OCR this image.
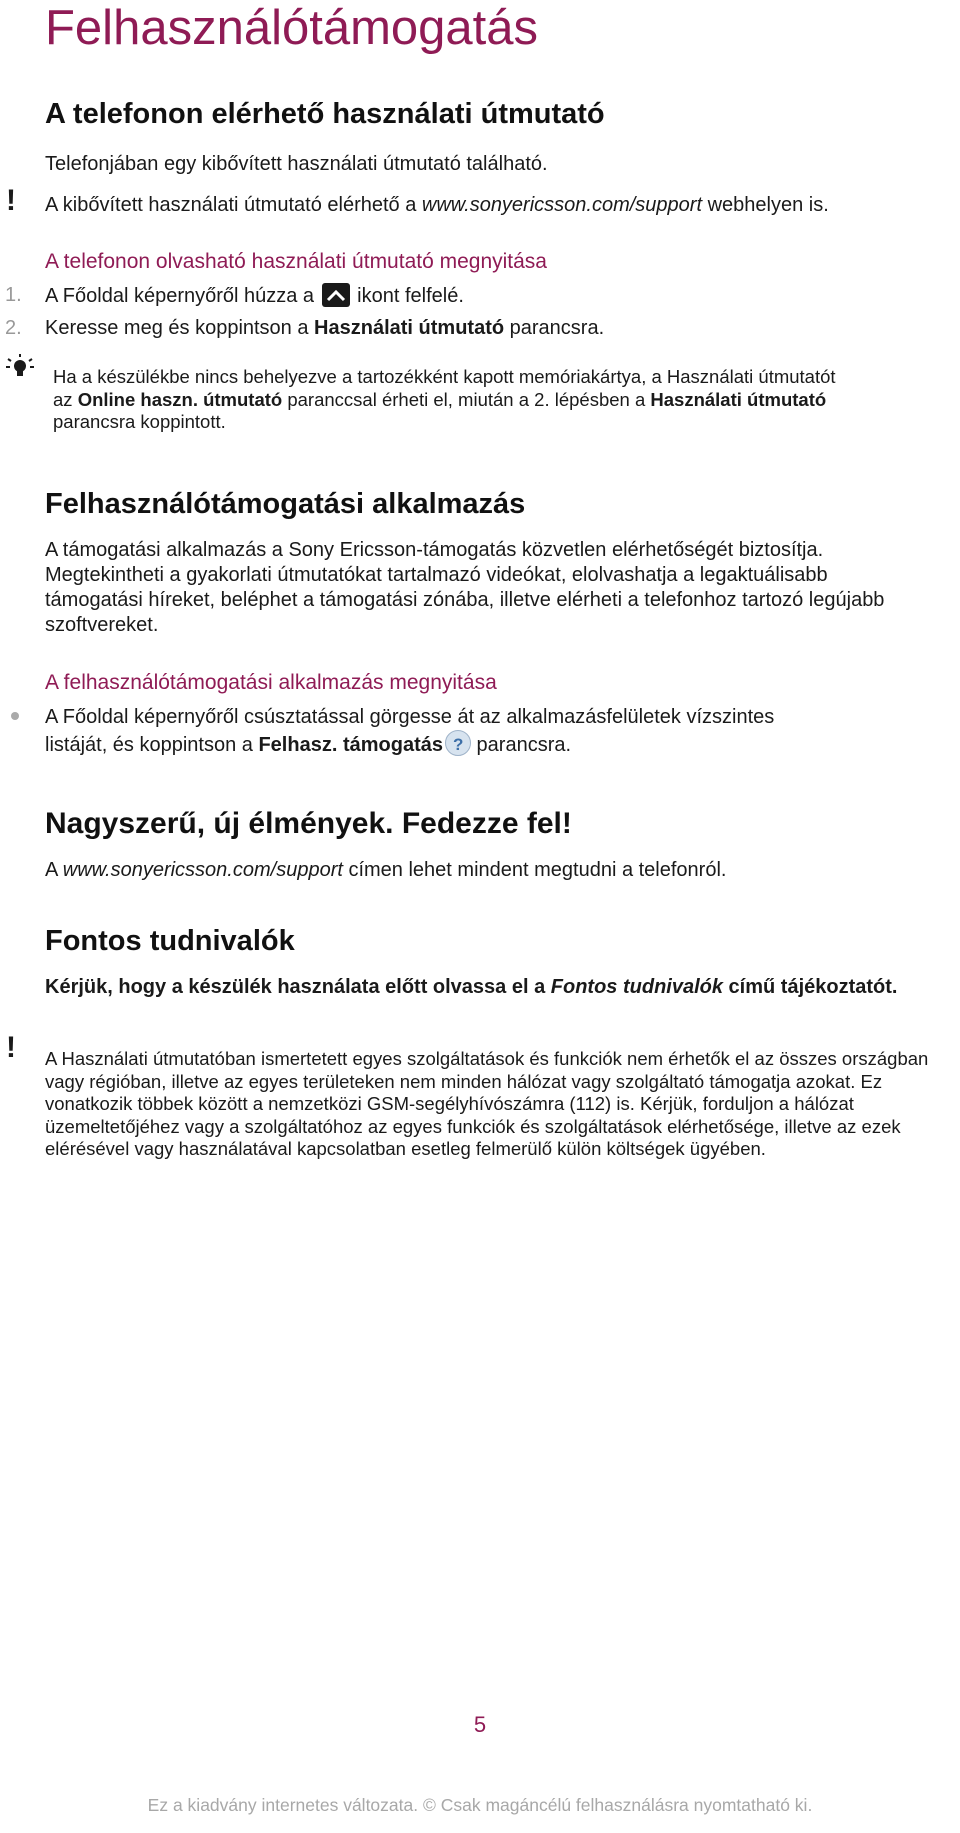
Felhasználótámogatás
A telefonon elérhető használati útmutató
Telefonjában egy kibővített használati útmutató található.
! A kibővített használati útmutató elérhető a www.sonyericsson.com/support webhelyen is.
A telefonon olvasható használati útmutató megnyitása
1. A Főoldal képernyőről húzza a
ikont felfelé.
2. Keresse meg és koppintson a Használati útmutató parancsra.
Ha a készülékbe nincs behelyezve a tartozékként kapott memóriakártya, a Használati útmutatót
az Online haszn. útmutató paranccsal érheti el, miután a 2. lépésben a Használati útmutató
parancsra koppintott.
Felhasználótámogatási alkalmazás
A támogatási alkalmazás a Sony Ericsson-támogatás közvetlen elérhetőségét biztosítja. Megtekintheti a gyakorlati útmutatókat tartalmazó videókat, elolvashatja a legaktuálisabb támogatási híreket, beléphet a támogatási zónába, illetve elérheti a telefonhoz tartozó legújabb szoftvereket.
A felhasználótámogatási alkalmazás megnyitása
A Főoldal képernyőről csúsztatással görgesse át az alkalmazásfelületek vízszintes
listáját, és koppintson a Felhasz. támogatás ? parancsra.
Nagyszerű, új élmények. Fedezze fel!
A www.sonyericsson.com/support címen lehet mindent megtudni a telefonról.
Fontos tudnivalók
Kérjük, hogy a készülék használata előtt olvassa el a Fontos tudnivalók című tájékoztatót.
! A Használati útmutatóban ismertetett egyes szolgáltatások és funkciók nem érhetők el az összes országban vagy régióban, illetve az egyes területeken nem minden hálózat vagy szolgáltató támogatja azokat. Ez vonatkozik többek között a nemzetközi GSM-segélyhívószámra (112) is. Kérjük, forduljon a hálózat üzemeltetőjéhez vagy a szolgáltatóhoz az egyes funkciók és szolgáltatások elérhetősége, illetve az ezek elérésével vagy használatával kapcsolatban esetleg felmerülő külön költségek ügyében.
5
Ez a kiadvány internetes változata. © Csak magáncélú felhasználásra nyomtatható ki.
